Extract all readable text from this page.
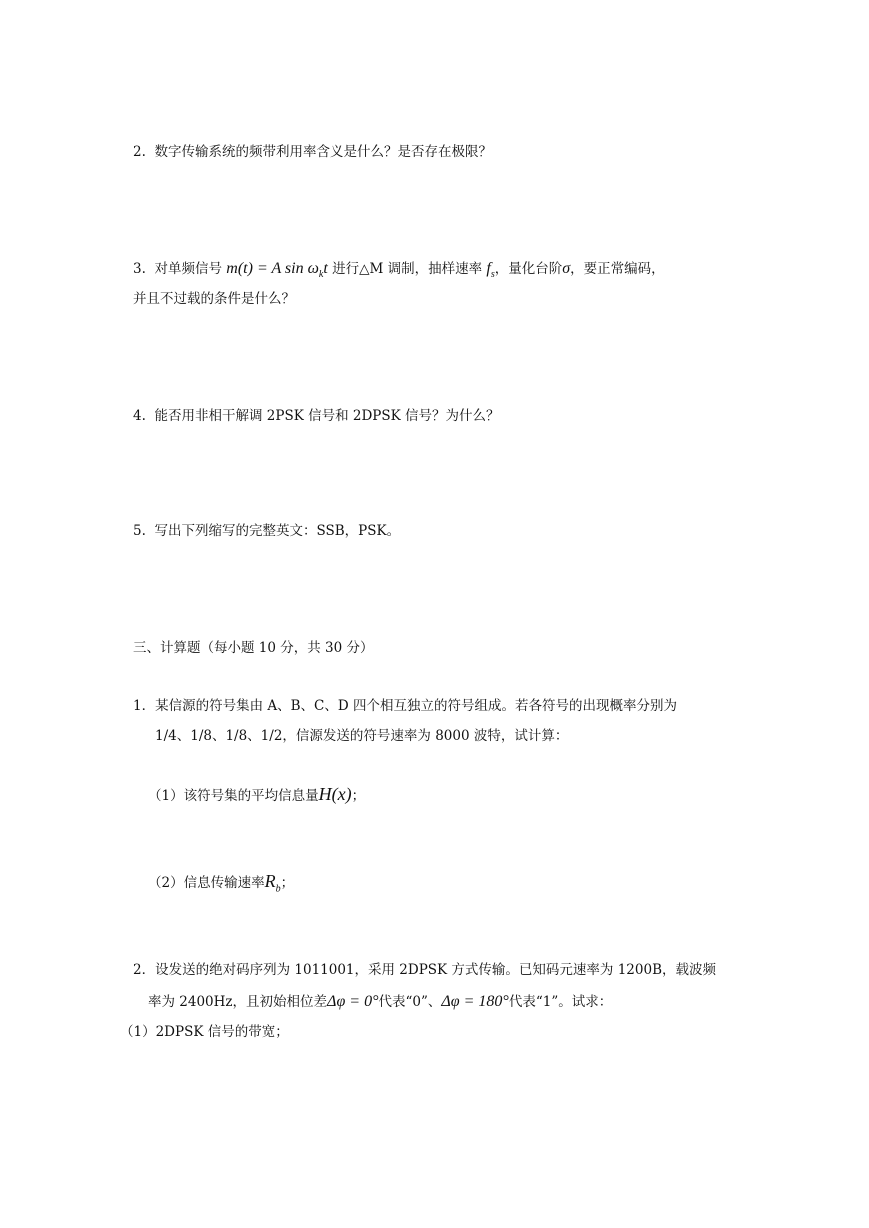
2. 数字传输系统的频带利用率含义是什么？是否存在极限？
3. 对单频信号 m(t) = A $\sin \omega_kt$ 进行△M 调制，抽样速率 $f_s$，量化台阶σ，要正常编码，
并且不过载的条件是什么？
4. 能否用非相干解调 2PSK 信号和 2DPSK 信号？为什么？
5. 写出下列缩写的完整英文：SSB，PSK。
三、计算题（每小题 10 分，共 30 分）
1．某信源的符号集由 A、B、C、D 四个相互独立的符号组成。若各符号的出现概率分别为
1/4、1/8、1/8、1/2，信源发送的符号速率为 8000 波特，试计算：
（1）该符号集的平均信息量H(x)；
（2）信息传输速率$R_b$；
2．设发送的绝对码序列为 1011001，采用 2DPSK 方式传输。已知码元速率为 1200B，载波频
率为 2400Hz，且初始相位差Δφ = 0°代表“0”、Δφ = 180°代表“1”。试求：
（1）2DPSK 信号的带宽；
